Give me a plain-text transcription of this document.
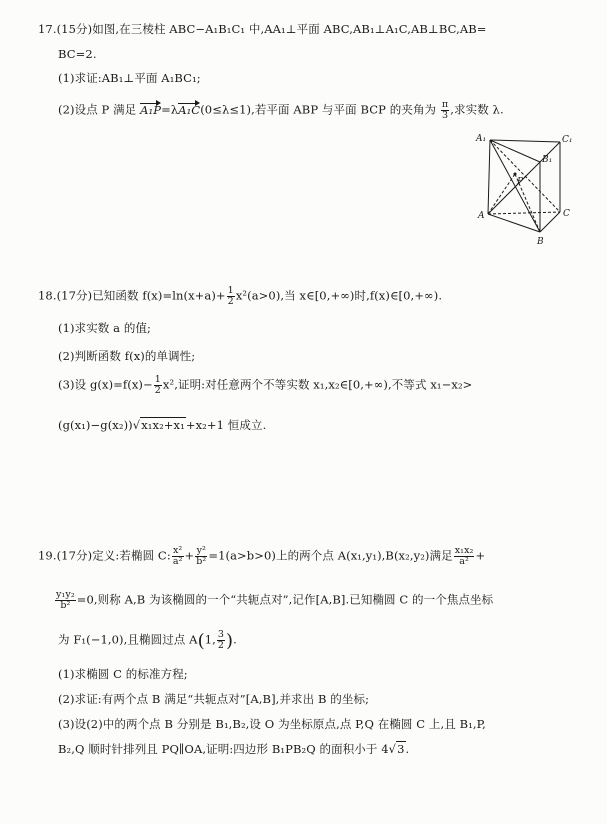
17.(15分)如图,在三棱柱 ABC−A₁B₁C₁ 中,AA₁⊥平面 ABC,AB₁⊥A₁C,AB⊥BC,AB=
BC=2.
(1)求证:AB₁⊥平面 A₁BC₁;
(2)设点 P 满足 A₁P=λA₁C(0≤λ≤1),若平面 ABP 与平面 BCP 的夹角为 $\frac{\pi}{3}$ ,求实数 λ.
A₁	C₁
B₁
P
A	C
B
18.(17分)已知函数 $f(x)=\ln(x+a)+ \frac{1}{2} x^2(a>0)$,当 x∈[0,+∞)时,f(x)∈[0,+∞).
(1)求实数 a 的值;
(2)判断函数 f(x)的单调性;
(3)设 $g(x)=f(x)- \frac{1}{2} x^2$,证明:对任意两个不等实数 x₁,x₂∈[0,+∞),不等式 x₁−x₂>
(g(x₁)−g(x₂))√x₁x₂+x₁+x₂+1 恒成立.
19.(17分)定义:若椭圆 C: $\frac{\text{x²}}{\text{a²}} + \frac{\text{y²}}{\text{b²}} =1(a>b>0)$上的两个点 A(x₁,y₁),B(x₂,y₂)满足 $\frac{\text{x₁x₂}}{\text{a²}}$ +
$\frac{\text{y₁y₂}}{\text{b²}} =0$,则称 A,B 为该椭圆的一个“共轭点对”,记作[A,B].已知椭圆 C 的一个焦点坐标
为 F₁(−1,0),且椭圆过点 A(1, $\frac{3}{2}$ ).
(1)求椭圆 C 的标准方程;
(2)求证:有两个点 B 满足“共轭点对”[A,B],并求出 B 的坐标;
(3)设(2)中的两个点 B 分别是 B₁,B₂,设 O 为坐标原点,点 P,Q 在椭圆 C 上,且 B₁,P,
B₂,Q 顺时针排列且 PQ∥OA,证明:四边形 B₁PB₂Q 的面积小于 4√3.
